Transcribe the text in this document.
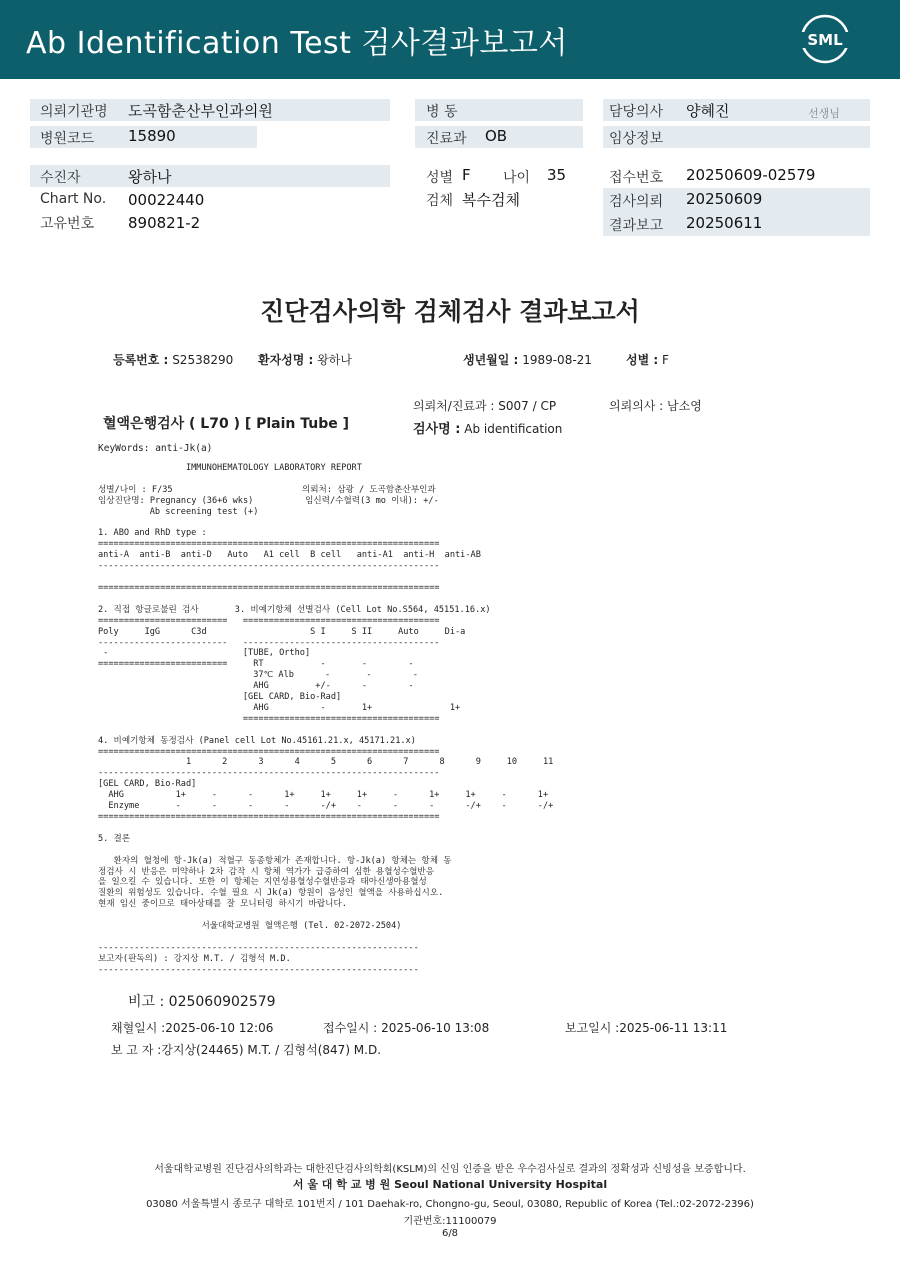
Ab Identification Test 검사결과보고서	SML
의뢰기관명 도곡함춘산부인과의원	병 동	담당의사 양혜진	선생님
병원코드 15890	진료과 OB	임상정보
수진자	왕하나	성별 F 나이 35	접수번호 20250609-02579
Chart No. 00022440	검체 복수검체	검사의뢰 20250609
고유번호 890821-2	결과보고 20250611
진단검사의학 검체검사 결과보고서
등록번호 : S2538290 환자성명 : 왕하나	생년월일 : 1989-08-21	성별 : F
의뢰처/진료과 : S007 / CP	의뢰의사 : 남소영
혈액은행검사 ( L70 ) [ Plain Tube ]	검사명 : Ab identification
KeyWords: anti-Jk(a)
IMMUNOHEMATOLOGY LABORATORY REPORT

성별/나이 : F/35                         의뢰처: 삼광 / 도곡함춘산부인과
임상진단명: Pregnancy (36+6 wks)          임신력/수혈력(3 mo 이내): +/-
Ab screening test (+)

1. ABO and RhD type :
==================================================================
anti-A  anti-B  anti-D   Auto   A1 cell  B cell   anti-A1  anti-H  anti-AB
------------------------------------------------------------------

==================================================================

2. 직접 항글로불린 검사       3. 비예기항체 선별검사 (Cell Lot No.S564, 45151.16.x)
=========================   ======================================
Poly     IgG      C3d                    S I     S II     Auto     Di-a
-------------------------   --------------------------------------
-                          [TUBE, Ortho]
=========================     RT           -       -        -
37℃ Alb      -       -        -
AHG         +/-      -        -
[GEL CARD, Bio-Rad]
AHG          -       1+               1+
======================================

4. 비예기항체 동정검사 (Panel cell Lot No.45161.21.x, 45171.21.x)
==================================================================
1      2      3      4      5      6      7      8      9     10     11
------------------------------------------------------------------
[GEL CARD, Bio-Rad]
AHG          1+     -      -      1+     1+     1+     -      1+     1+     -      1+
Enzyme       -      -      -      -      -/+    -      -      -      -/+    -      -/+
==================================================================

5. 결론

환자의 혈청에 항-Jk(a) 적혈구 동종항체가 존재합니다. 항-Jk(a) 항체는 항체 동
정검사 시 반응은 미약하나 2차 감작 시 항체 역가가 급증하여 심한 용혈성수혈반응
을 일으킬 수 있습니다. 또한 이 항체는 지연성용혈성수혈반응과 태아신생아용혈성
질환의 위험성도 있습니다. 수혈 필요 시 Jk(a) 항원이 음성인 혈액을 사용하십시오.
현재 임신 중이므로 태아상태를 잘 모니터링 하시기 바랍니다.

서울대학교병원 혈액은행 (Tel. 02-2072-2504)

--------------------------------------------------------------
보고자(판독의) : 강지상 M.T. / 김형석 M.D.
--------------------------------------------------------------
비고 : 025060902579
채혈일시 :2025-06-10 12:06	접수일시 : 2025-06-10 13:08	보고일시 :2025-06-11 13:11
보 고 자 :강지상(24465) M.T. / 김형석(847) M.D.
서울대학교병원 진단검사의학과는 대한진단검사의학회(KSLM)의 신임 인증을 받은 우수검사실로 결과의 정확성과 신빙성을 보증합니다.
서 울 대 학 교 병 원 Seoul National University Hospital
03080 서울특별시 종로구 대학로 101번지 / 101 Daehak-ro, Chongno-gu, Seoul, 03080, Republic of Korea (Tel.:02-2072-2396)
기관번호:11100079
6/8
